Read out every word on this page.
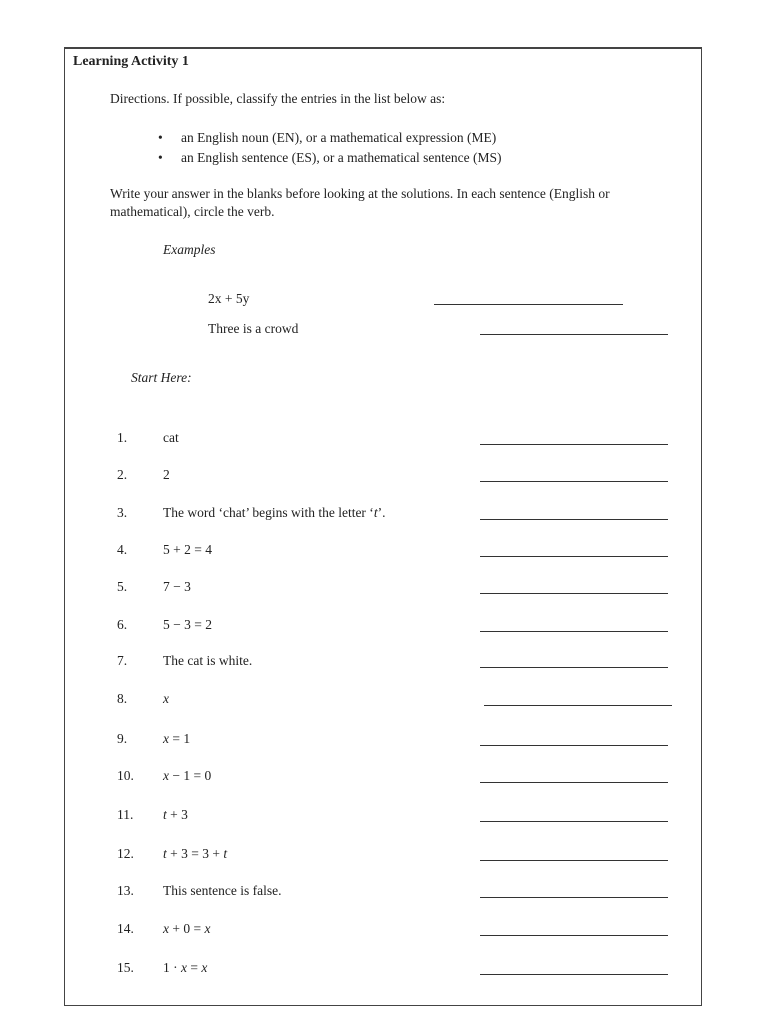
Learning Activity 1
Directions. If possible, classify the entries in the list below as:
• an English noun (EN), or a mathematical expression (ME)
• an English sentence (ES), or a mathematical sentence (MS)
Write your answer in the blanks before looking at the solutions. In each sentence (English or mathematical), circle the verb.
Examples
2x + 5y
Three is a crowd
Start Here:
1.	cat
2.	2
3.	The word ‘chat’ begins with the letter ‘t’.
4.	5 + 2 = 4
5.	7 − 3
6.	5 − 3 = 2
7.	The cat is white.
8.	x
9.	x = 1
10. x − 1 = 0
11. t + 3
12. t + 3 = 3 + t
13. This sentence is false.
14. x + 0 = x
15. 1 · x = x
